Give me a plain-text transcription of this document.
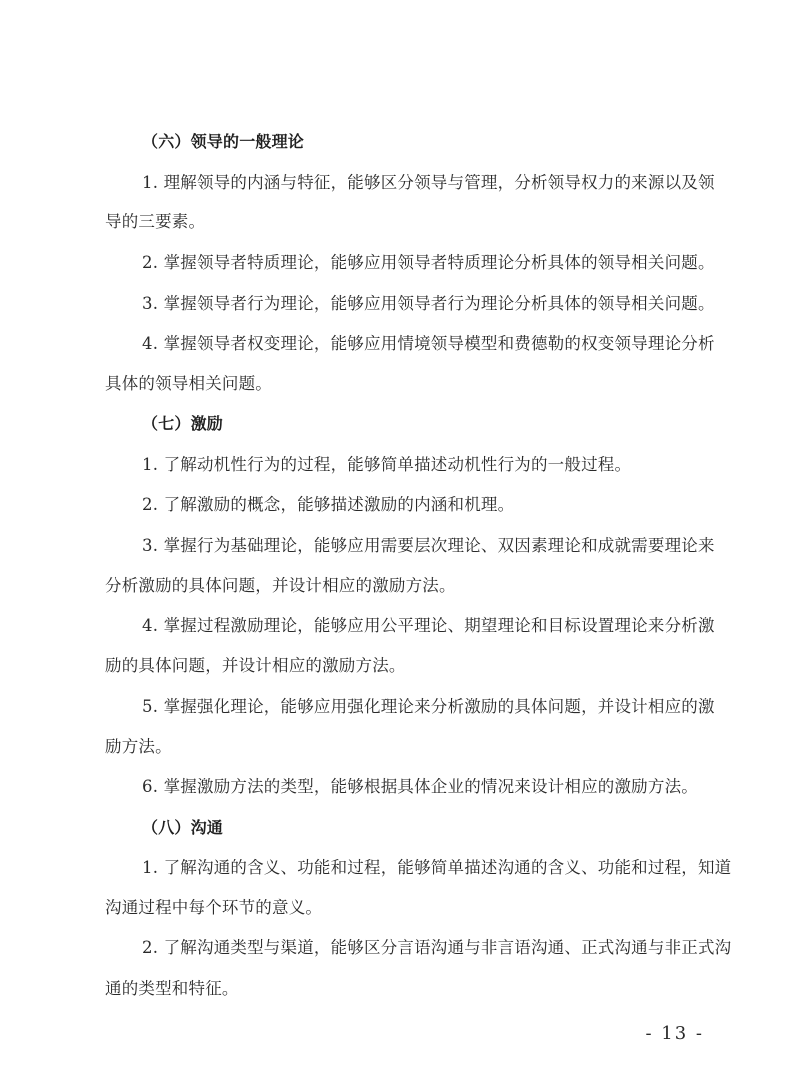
（六）领导的一般理论
1. 理解领导的内涵与特征，能够区分领导与管理，分析领导权力的来源以及领
导的三要素。
2. 掌握领导者特质理论，能够应用领导者特质理论分析具体的领导相关问题。
3. 掌握领导者行为理论，能够应用领导者行为理论分析具体的领导相关问题。
4. 掌握领导者权变理论，能够应用情境领导模型和费德勒的权变领导理论分析
具体的领导相关问题。
（七）激励
1. 了解动机性行为的过程，能够简单描述动机性行为的一般过程。
2. 了解激励的概念，能够描述激励的内涵和机理。
3. 掌握行为基础理论，能够应用需要层次理论、双因素理论和成就需要理论来
分析激励的具体问题，并设计相应的激励方法。
4. 掌握过程激励理论，能够应用公平理论、期望理论和目标设置理论来分析激
励的具体问题，并设计相应的激励方法。
5. 掌握强化理论，能够应用强化理论来分析激励的具体问题，并设计相应的激
励方法。
6. 掌握激励方法的类型，能够根据具体企业的情况来设计相应的激励方法。
（八）沟通
1. 了解沟通的含义、功能和过程，能够简单描述沟通的含义、功能和过程，知道
沟通过程中每个环节的意义。
2. 了解沟通类型与渠道，能够区分言语沟通与非言语沟通、正式沟通与非正式沟
通的类型和特征。
- 13 -
